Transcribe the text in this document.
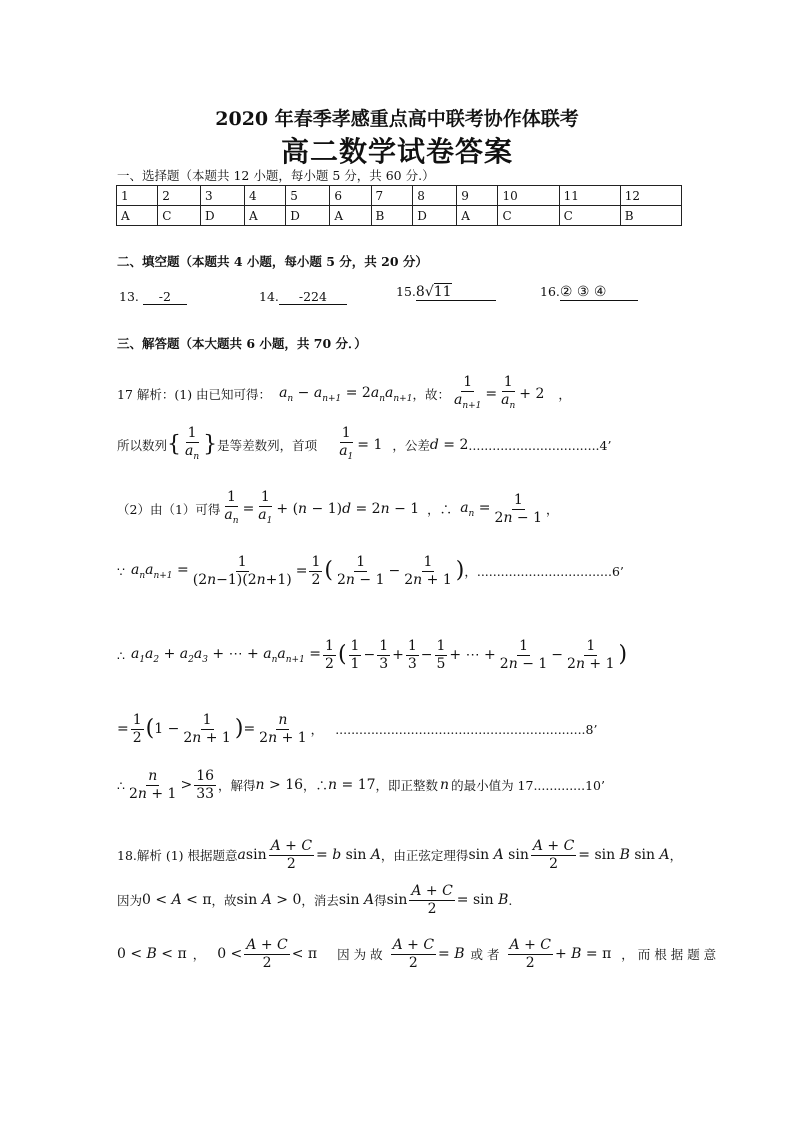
2020 年春季孝感重点高中联考协作体联考
高二数学试卷答案
一、选择题（本题共 12 小题，每小题 5 分，共 60 分.）
1	2	3	4	5	6	7	8	9	10	11	12
A	C	D	A	D	A	B	D	A	C	C	B
二、填空题（本题共 4 小题，每小题 5 分，共 20 分）
13. -2	14. -224	15.8√11	16.② ③ ④
三、解答题（本大题共 6 小题，共 70 分．）
17 解析：(1) 由已知可得： $a_n - a_{n+1} = 2a_na_{n+1}$ ，故： $\frac{1}{a_{n+1}} = \frac{1}{a_n} + 2$ ，
所以数列 { $\frac{1}{a_n}$ } 是等差数列，首项 $\frac{1}{a_1} = 1$ ，公差 d = 2 ................................. 4’
（2）由（1）可得 $\frac{1}{a_n} = \frac{1}{a_1} + (n - 1)d = 2n - 1$ ，∴ $a_n = \frac{1}{2n - 1}$ ，
∵ $a_na_{n+1} = \frac{1}{(2n-1)(2n+1)} = \frac{1}{2}$ ( $\frac{1}{2n - 1} - \frac{1}{2n + 1}$ ) ， .................................. 6’
∴ $a_1a_2 + a_2a_3$ + ⋯ + $a_na_{n+1} = \frac{1}{2}$ ( $\frac{1}{1} - \frac{1}{3} + \frac{1}{3} - \frac{1}{5}$ + ⋯ + $\frac{1}{2n - 1} - \frac{1}{2n + 1}$ )
= $\frac{1}{2}$ ( $1 - \frac{1}{2n + 1}$ ) = $\frac{n}{2n + 1}$ ， ............................................................... 8’
∴ $\frac{n}{2n + 1} > \frac{16}{33}$ ，解得 n > 16 ，∴ n = 17 ，即正整数 n 的最小值为 17. ............ 10’
18.解析 (1) 根据题意 a $\sin \frac{A + C}{2} = b$ sin A ，由正弦定理得 sin A $\sin \frac{A + C}{2} = \sin B$ sin A ，
因为 0 < A < π ，故 sin A > 0 ，消去 sin A 得 $\sin \frac{A + C}{2} = \sin B$ .
0 < B < π ， $0 < \frac{A + C}{2} < \pi$ 因 为 故 $\frac{A + C}{2} = B$ 或 者 $\frac{A + C}{2} + B = \pi$ ， 而 根 据 题 意
